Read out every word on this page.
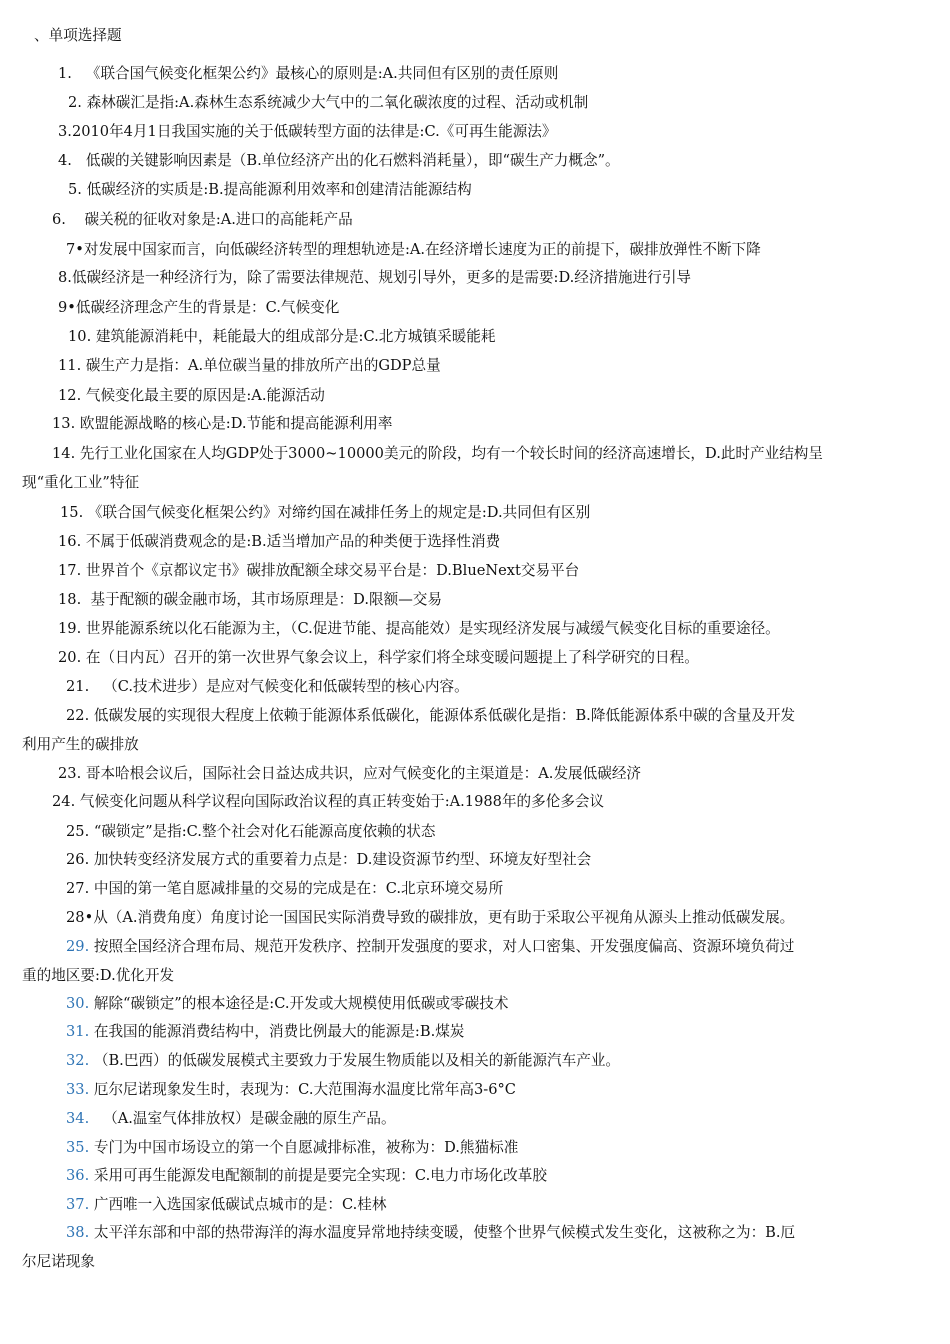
、单项选择题
1.   《联合国气候变化框架公约》最核心的原则是:A.共同但有区别的责任原则
2. 森林碳汇是指:A.森林生态系统减少大气中的二氧化碳浓度的过程、活动或机制
3.2010年4月1日我国实施的关于低碳转型方面的法律是:C.《可再生能源法》
4.   低碳的关键影响因素是（B.单位经济产出的化石燃料消耗量），即“碳生产力概念”。
5. 低碳经济的实质是:B.提高能源利用效率和创建清洁能源结构
6.    碳关税的征收对象是:A.进口的高能耗产品
7•对发展中国家而言，向低碳经济转型的理想轨迹是:A.在经济增长速度为正的前提下，碳排放弹性不断下降
8.低碳经济是一种经济行为，除了需要法律规范、规划引导外，更多的是需要:D.经济措施进行引导
9•低碳经济理念产生的背景是：C.气候变化
10. 建筑能源消耗中，耗能最大的组成部分是:C.北方城镇采暖能耗
11. 碳生产力是指：A.单位碳当量的排放所产出的GDP总量
12. 气候变化最主要的原因是:A.能源活动
13. 欧盟能源战略的核心是:D.节能和提高能源利用率
14. 先行工业化国家在人均GDP处于3000~10000美元的阶段，均有一个较长时间的经济高速增长，D.此时产业结构呈
现“重化工业”特征
15. 《联合国气候变化框架公约》对缔约国在减排任务上的规定是:D.共同但有区别
16. 不属于低碳消费观念的是:B.适当增加产品的种类便于选择性消费
17. 世界首个《京都议定书》碳排放配额全球交易平台是：D.BlueNext交易平台
18.  基于配额的碳金融市场，其市场原理是：D.限额—交易
19. 世界能源系统以化石能源为主，（C.促进节能、提高能效）是实现经济发展与减缓气候变化目标的重要途径。
20. 在（日内瓦）召开的第一次世界气象会议上，科学家们将全球变暖问题提上了科学研究的日程。
21.   （C.技术进步）是应对气候变化和低碳转型的核心内容。
22. 低碳发展的实现很大程度上依赖于能源体系低碳化，能源体系低碳化是指：B.降低能源体系中碳的含量及开发
利用产生的碳排放
23. 哥本哈根会议后，国际社会日益达成共识，应对气候变化的主渠道是：A.发展低碳经济
24. 气候变化问题从科学议程向国际政治议程的真正转变始于:A.1988年的多伦多会议
25. “碳锁定”是指:C.整个社会对化石能源高度依赖的状态
26. 加快转变经济发展方式的重要着力点是：D.建设资源节约型、环境友好型社会
27. 中国的第一笔自愿减排量的交易的完成是在：C.北京环境交易所
28•从（A.消费角度）角度讨论一国国民实际消费导致的碳排放，更有助于采取公平视角从源头上推动低碳发展。
29. 按照全国经济合理布局、规范开发秩序、控制开发强度的要求，对人口密集、开发强度偏高、资源环境负荷过
重的地区要:D.优化开发
30. 解除“碳锁定”的根本途径是:C.开发或大规模使用低碳或零碳技术
31. 在我国的能源消费结构中，消费比例最大的能源是:B.煤炭
32. （B.巴西）的低碳发展模式主要致力于发展生物质能以及相关的新能源汽车产业。
33. 厄尔尼诺现象发生时，表现为：C.大范围海水温度比常年高3-6°C
34.   （A.温室气体排放权）是碳金融的原生产品。
35. 专门为中国市场设立的第一个自愿减排标准，被称为：D.熊猫标准
36. 采用可再生能源发电配额制的前提是要完全实现：C.电力市场化改革胶
37. 广西唯一入选国家低碳试点城市的是：C.桂林
38. 太平洋东部和中部的热带海洋的海水温度异常地持续变暖，使整个世界气候模式发生变化，这被称之为：B.厄
尔尼诺现象
